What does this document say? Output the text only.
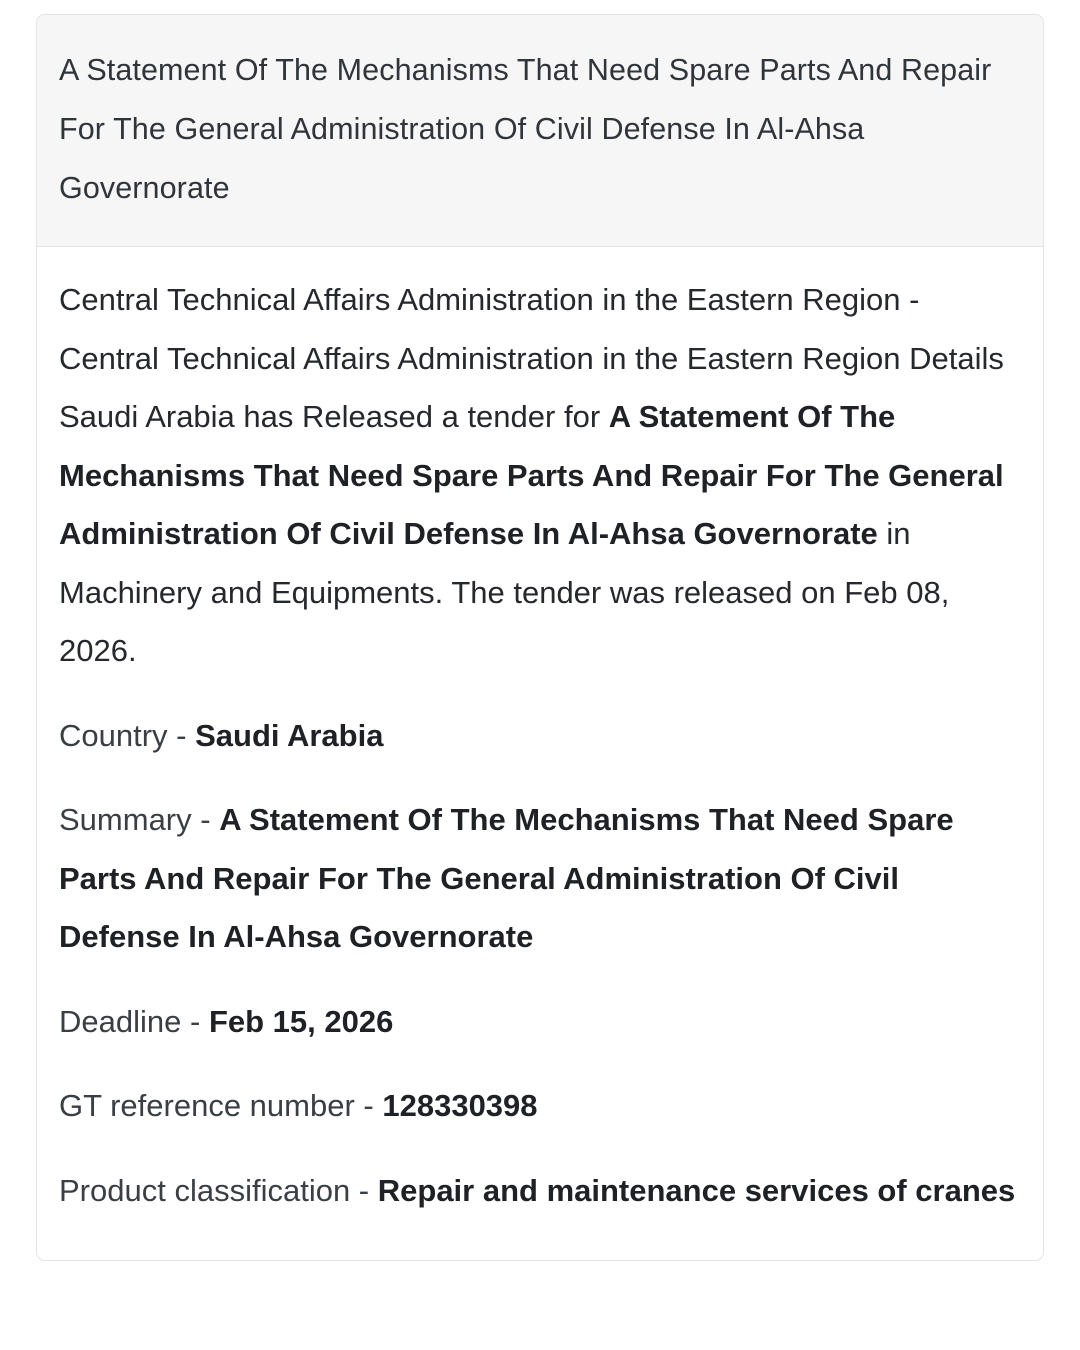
A Statement Of The Mechanisms That Need Spare Parts And Repair For The General Administration Of Civil Defense In Al-Ahsa Governorate

Central Technical Affairs Administration in the Eastern Region - Central Technical Affairs Administration in the Eastern Region Details Saudi Arabia has Released a tender for A Statement Of The Mechanisms That Need Spare Parts And Repair For The General Administration Of Civil Defense In Al-Ahsa Governorate in Machinery and Equipments. The tender was released on Feb 08, 2026.

Country - Saudi Arabia

Summary - A Statement Of The Mechanisms That Need Spare Parts And Repair For The General Administration Of Civil Defense In Al-Ahsa Governorate

Deadline - Feb 15, 2026

GT reference number - 128330398

Product classification - Repair and maintenance services of cranes
